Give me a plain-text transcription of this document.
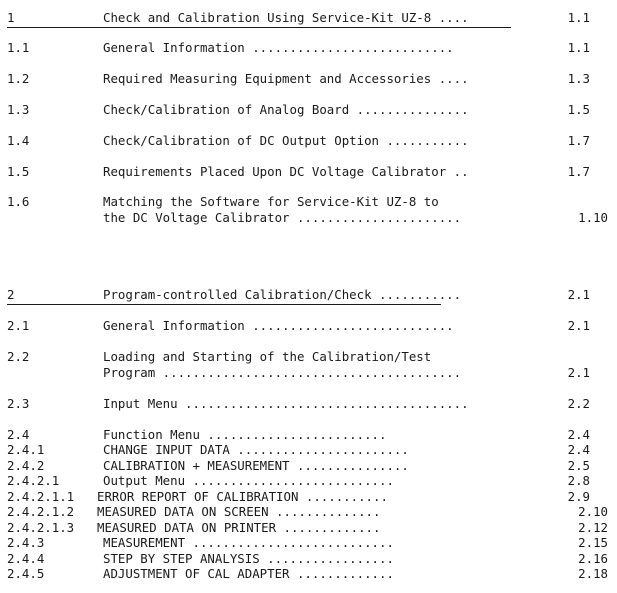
1	Check and Calibration Using Service-Kit UZ-8 ....	1.1
1.1	General Information ...........................	1.1
1.2	Required Measuring Equipment and Accessories ....	1.3
1.3	Check/Calibration of Analog Board ...............	1.5
1.4	Check/Calibration of DC Output Option ...........	1.7
1.5	Requirements Placed Upon DC Voltage Calibrator ..	1.7
1.6	Matching the Software for Service-Kit UZ-8 to
the DC Voltage Calibrator ......................	1.10
2	Program-controlled Calibration/Check ...........	2.1
2.1	General Information ...........................	2.1
2.2	Loading and Starting of the Calibration/Test
Program ........................................	2.1
2.3	Input Menu ......................................	2.2
2.4	Function Menu ........................	2.4
2.4.1	CHANGE INPUT DATA .......................	2.4
2.4.2	CALIBRATION + MEASUREMENT ...............	2.5
2.4.2.1	Output Menu ...........................	2.8
2.4.2.1.1 ERROR REPORT OF CALIBRATION ...........	2.9
2.4.2.1.2 MEASURED DATA ON SCREEN ..............	2.10
2.4.2.1.3 MEASURED DATA ON PRINTER .............	2.12
2.4.3	MEASUREMENT ...........................	2.15
2.4.4	STEP BY STEP ANALYSIS .................	2.16
2.4.5	ADJUSTMENT OF CAL ADAPTER .............	2.18
